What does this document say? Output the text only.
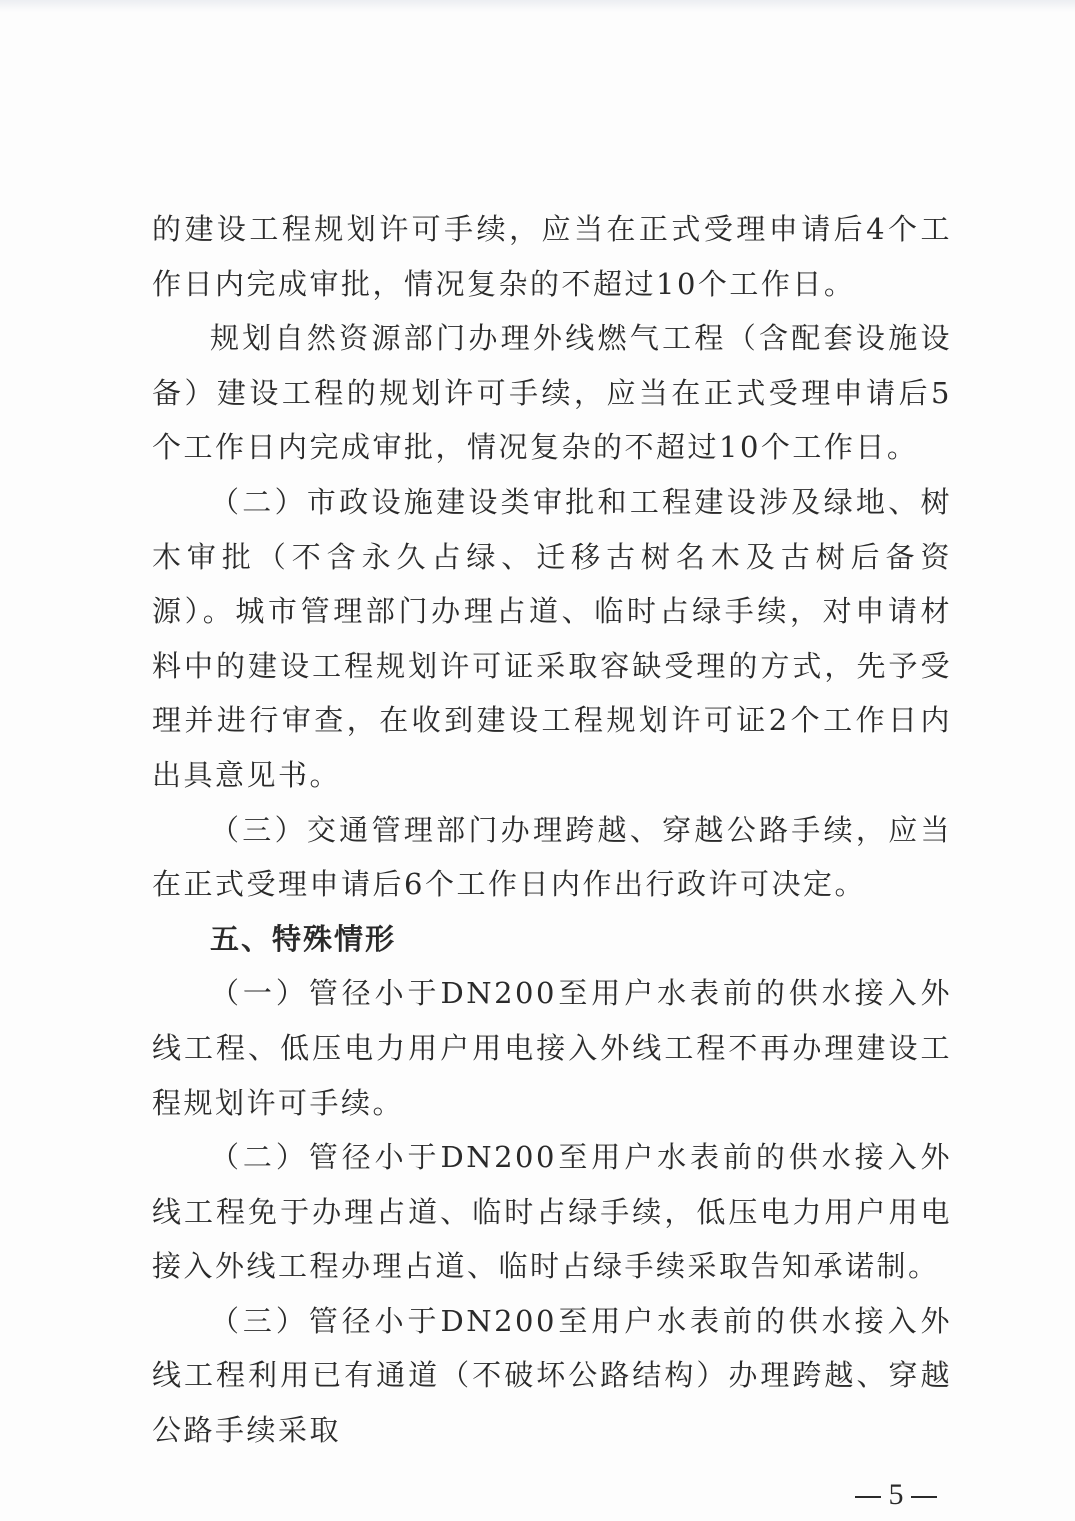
的建设工程规划许可手续，应当在正式受理申请后4个工作日内完成审批，情况复杂的不超过10个工作日。

规划自然资源部门办理外线燃气工程（含配套设施设备）建设工程的规划许可手续，应当在正式受理申请后5个工作日内完成审批，情况复杂的不超过10个工作日。

（二）市政设施建设类审批和工程建设涉及绿地、树木审批（不含永久占绿、迁移古树名木及古树后备资源）。城市管理部门办理占道、临时占绿手续，对申请材料中的建设工程规划许可证采取容缺受理的方式，先予受理并进行审查，在收到建设工程规划许可证2个工作日内出具意见书。

（三）交通管理部门办理跨越、穿越公路手续，应当在正式受理申请后6个工作日内作出行政许可决定。

五、特殊情形

（一）管径小于DN200至用户水表前的供水接入外线工程、低压电力用户用电接入外线工程不再办理建设工程规划许可手续。

（二）管径小于DN200至用户水表前的供水接入外线工程免于办理占道、临时占绿手续，低压电力用户用电接入外线工程办理占道、临时占绿手续采取告知承诺制。

（三）管径小于DN200至用户水表前的供水接入外线工程利用已有通道（不破坏公路结构）办理跨越、穿越公路手续采取

5
